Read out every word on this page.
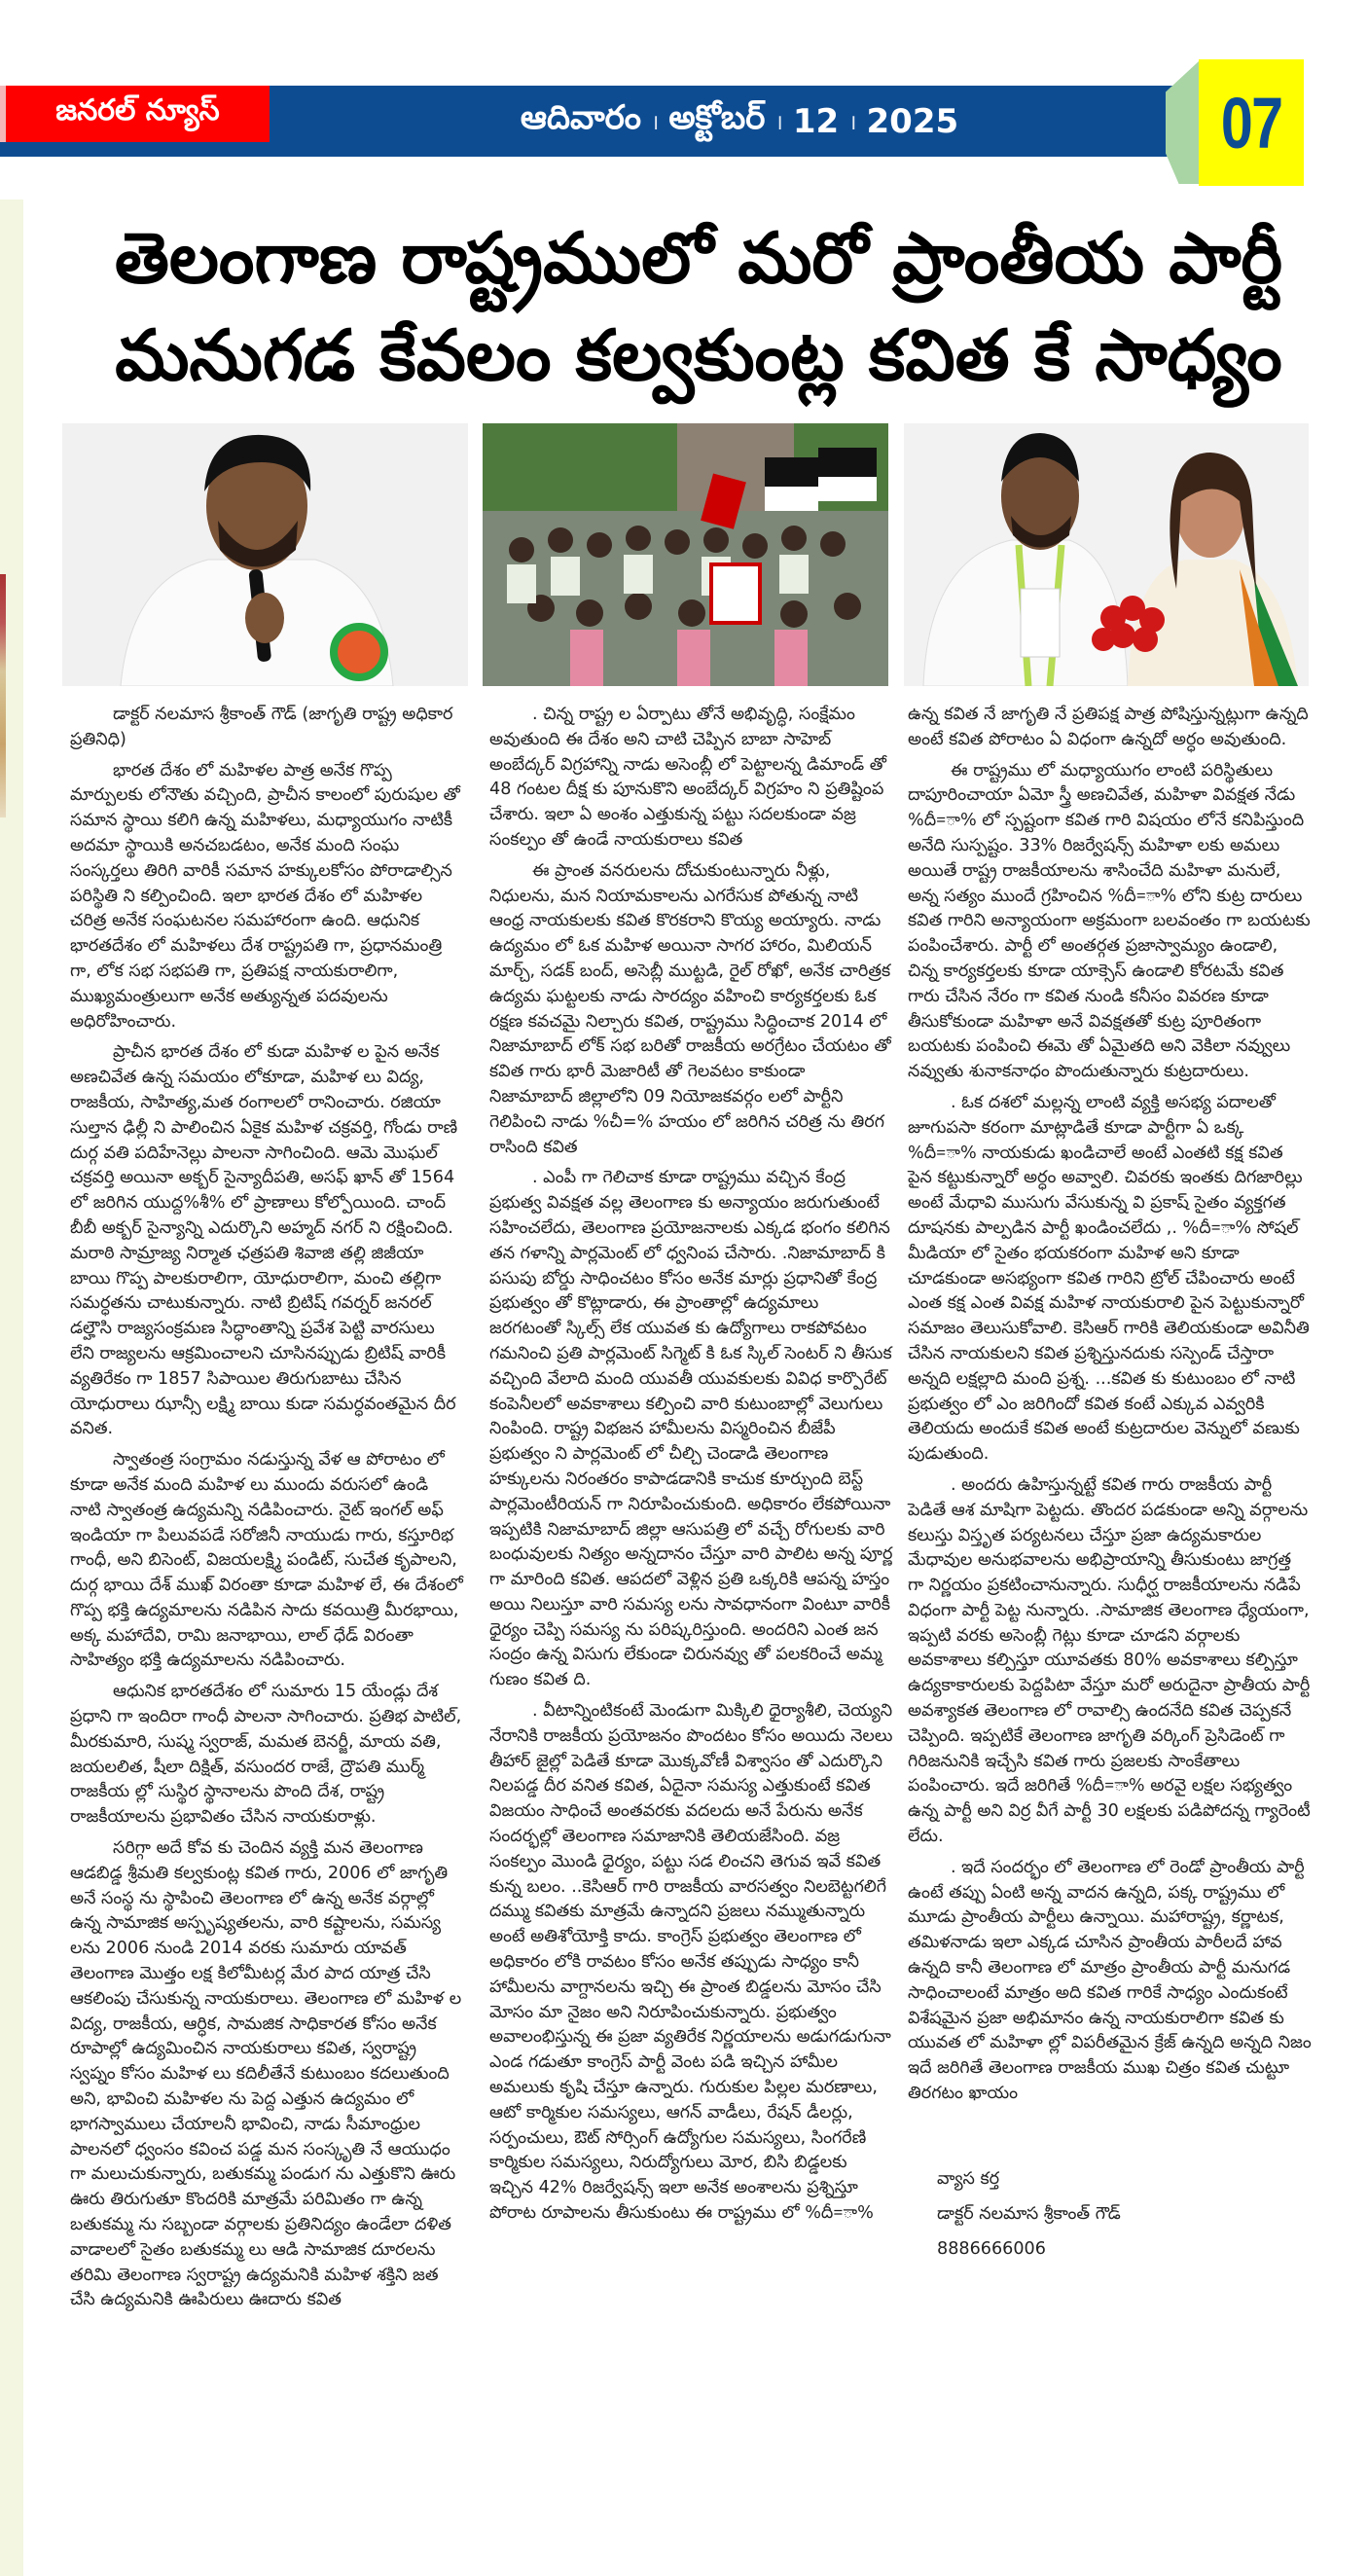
జనరల్ న్యూస్	ఆదివారం । అక్టోబర్ । 12 । 2025	07
తెలంగాణ రాష్ట్రములో మరో ప్రాంతీయ పార్టీ
మనుగడ కేవలం కల్వకుంట్ల కవిత కే సాధ్యం

డాక్టర్ నలమాస శ్రీకాంత్ గౌడ్ (జాగృతి రాష్ట్ర అధికార ప్రతినిధి)

భారత దేశం లో మహిళల పాత్ర అనేక గొప్ప మార్పులకు లోనౌతు వచ్చింది, ప్రాచీన కాలంలో పురుషుల తో సమాన స్థాయి కలిగి ఉన్న మహిళలు, మధ్యాయుగం నాటికీ అదమా స్థాయికి అనచబడటం, అనేక మంది సంఘ సంస్కర్తలు తిరిగి వారికీ సమాన హక్కులకోసం పోరాడాల్సిన పరిస్థితి ని కల్పించింది. ఇలా భారత దేశం లో మహిళల చరిత్ర అనేక సంఘటనల సమహారంగా ఉంది. ఆధునిక భారతదేశం లో మహిళలు దేశ రాష్ట్రపతి గా, ప్రధానమంత్రి గా, లోక సభ సభపతి గా, ప్రతిపక్ష నాయకురాలిగా, ముఖ్యమంత్రులుగా అనేక అత్యున్నత పదవులను అధిరోహించారు.

ప్రాచీన భారత దేశం లో కుడా మహిళ ల పైన అనేక అణచివేత ఉన్న సమయం లోకూడా, మహిళ లు విద్య, రాజకీయ, సాహిత్య,మత రంగాలలో రానించారు. రజియా సుల్తాన ఢిల్లీ ని పాలించిన ఏకైక మహిళ చక్రవర్తి, గోండు రాణి దుర్గ వతి పదిహేనెల్లు పాలనా సాగించింది. ఆమె మొఘల్ చక్రవర్తి అయినా అక్బర్ సైన్యాదీపతి, అసఫ్ ఖాన్ తో 1564 లో జరిగిన యుద్ద%శీ% లో ప్రాణాలు కోల్పోయింది. చాంద్ బీబీ అక్బర్ సైన్యాన్ని ఎదుర్కొని అహ్మద్ నగర్ ని రక్షించింది. మరాఠి సామ్రాజ్య నిర్మాత ఛత్రపతి శివాజి తల్లి జిజీయా బాయి గొప్ప పాలకురాలిగా, యోధురాలిగా, మంచి తల్లిగా సమర్ధతను చాటుకున్నారు. నాటి బ్రిటిష్ గవర్నర్ జనరల్ డల్హౌసి రాజ్యసంక్రమణ సిద్ధాంతాన్ని ప్రవేశ పెట్టి వారసులు లేని రాజ్యలను ఆక్రమించాలని చూసినప్పుడు బ్రిటిష్ వారికీ వ్యతిరేకం గా 1857 సిపాయిల తిరుగుబాటు చేసిన యోధురాలు ఝాన్సీ లక్ష్మి బాయి కుడా సమర్ధవంతమైన దీర వనిత.

స్వాతంత్ర సంగ్రామం నడుస్తున్న వేళ ఆ పోరాటం లో కూడా అనేక మంది మహిళ లు ముందు వరుసలో ఉండి నాటి స్వాతంత్ర ఉద్యమన్ని నడిపించారు. నైట్ ఇంగల్ అఫ్ ఇండియా గా పిలువపడే సరోజినీ నాయుడు గారు, కస్తూరిభ గాంధీ, అని బిసెంట్, విజయలక్ష్మి పండిట్, సుచేత కృపాలని, దుర్గ భాయి దేశ్ ముఖ్ విరంతా కూడా మహిళ లే, ఈ దేశంలో గొప్ప భక్తి ఉద్యమాలను నడిపిన సాదు కవయిత్రి మీరభాయి, అక్క మహాదేవి, రామి జనాభాయి, లాల్ ధేడ్ విరంతా సాహిత్యం భక్తి ఉద్యమాలను నడిపించారు.

ఆధునిక భారతదేశం లో సుమారు 15 యేండ్లు దేశ ప్రధాని గా ఇందిరా గాంధీ పాలనా సాగించారు. ప్రతిభ పాటిల్, మీరకుమారి, సుష్మ స్వరాజ్, మమత బెనర్జీ, మాయ వతి, జయలలిత, షీలా దిక్షిత్, వసుందర రాజే, ద్రౌపతి ముర్మ్ రాజకీయ ల్లో సుస్థిర స్థానాలను పొంది దేశ, రాష్ట్ర రాజకీయాలను ప్రభావితం చేసిన నాయకురాళ్లు.

సరిగ్గా అదే కోవ కు చెందిన వ్యక్తి మన తెలంగాణ ఆడబిడ్డ శ్రీమతి కల్వకుంట్ల కవిత గారు, 2006 లో జాగృతి అనే సంస్థ ను స్థాపించి తెలంగాణ లో ఉన్న అనేక వర్గాల్లో ఉన్న సామాజిక అస్పృష్యతలను, వారి కష్టాలను, సమస్య లను 2006 నుండి 2014 వరకు సుమారు యావత్ తెలంగాణ మొత్తం లక్ష కిలోమీటర్ల మేర పాద యాత్ర చేసి ఆకలింపు చేసుకున్న నాయకురాలు. తెలంగాణ లో మహిళ ల విద్య, రాజకీయ, ఆర్ధిక, సామజిక సాధికారత కోసం అనేక రూపాల్లో ఉద్యమించిన నాయకురాలు కవిత, స్వరాష్ట్ర స్వప్నం కోసం మహిళ లు కదిలీతేనే కుటుంబం కదలుతుంది అని, భావించి మహిళల ను పెద్ద ఎత్తున ఉద్యమం లో భాగస్వాములు చేయాలనీ భావించి, నాడు సీమాంధ్రుల పాలనలో ధ్వంసం కవించ పడ్డ మన సంస్కృతి నే ఆయుధం గా మలుచుకున్నారు, బతుకమ్మ పండుగ ను ఎత్తుకొని ఊరు ఊరు తిరుగుతూ కొందరికి మాత్రమే పరిమితం గా ఉన్న బతుకమ్మ ను సబ్బండా వర్గాలకు ప్రతినిద్యం ఉండేలా దళిత వాడాలలో సైతం బతుకమ్మ లు ఆడి సామాజిక దూరలను తరిమి తెలంగాణ స్వరాష్ట్ర ఉద్యమనికి మహిళ శక్తిని జత చేసి ఉద్యమనికి ఊపిరులు ఊదారు కవిత

. చిన్న రాష్ట్ర ల ఏర్పాటు తోనే అభివృద్ధి, సంక్షేమం అవుతుంది ఈ దేశం అని చాటి చెప్పిన బాబా సాహెబ్ అంబేద్కర్ విగ్రహాన్ని నాడు అసెంబ్లీ లో పెట్టాలన్న డిమాండ్ తో 48 గంటల దీక్ష కు పూనుకొని అంబేద్కర్ విగ్రహం ని ప్రతిష్టింప చేశారు. ఇలా ఏ అంశం ఎత్తుకున్న పట్టు సదలకుండా వజ్ర సంకల్పం తో ఉండే నాయకురాలు కవిత

ఈ ప్రాంత వనరులను దోచుకుంటున్నారు నీళ్లు, నిధులను, మన నియామకాలను ఎగరేసుక పోతున్న నాటి ఆంధ్ర నాయకులకు కవిత కొరకరాని కొయ్య అయ్యారు. నాడు ఉద్యమం లో ఓక మహిళ అయినా సాగర హారం, మిలియన్ మార్చ్, సడక్ బంద్, అసెబ్లీ ముట్టడి, రైల్ రోఖో, అనేక చారిత్రక ఉద్యమ ఘట్టలకు నాడు సారద్యం వహించి కార్యకర్తలకు ఓక రక్షణ కవచమై నిల్చారు కవిత, రాష్ట్రము సిద్ధించాక 2014 లో నిజామాబాద్ లోక్ సభ బరితో రాజకీయ అరగ్రేటం చేయటం తో కవిత గారు భారీ మెజారిటీ తో గెలవటం కాకుండా నిజామాబాద్ జిల్లాలోని 09 నియోజకవర్గం లలో పార్టీని గెలిపించి నాడు %చీ=% హయం లో జరిగిన చరిత్ర ను తిరగ రాసింది కవిత

. ఎంపీ గా గెలిచాక కూడా రాష్ట్రము వచ్చిన కేంద్ర ప్రభుత్వ వివక్షత వల్ల తెలంగాణ కు అన్యాయం జరుగుతుంటే సహించలేదు, తెలంగాణ ప్రయోజనాలకు ఎక్కడ భంగం కలిగిన తన గళాన్ని పార్లమెంట్ లో ధ్వనింప చేసారు. .నిజామాబాద్ కి పసుపు బోర్డు సాధించటం కోసం అనేక మార్లు ప్రధానితో కేంద్ర ప్రభుత్వం తో కొట్లాడారు, ఈ ప్రాంతాల్లో ఉద్యమాలు జరగటంతో స్కిల్స్ లేక యువత కు ఉద్యోగాలు రాకపోవటం గమనించి ప్రతి పార్లమెంట్ సిగ్మెట్ కి ఓక స్కిల్ సెంటర్ ని తీసుక వచ్చింది వేలాది మంది యువతీ యువకులకు వివిధ కార్పొరేట్ కంపెనీలలో అవకాశాలు కల్పించి వారి కుటుంబాల్లో వెలుగులు నింపింది. రాష్ట్ర విభజన హామీలను విస్మరించిన బీజేపీ ప్రభుత్వం ని పార్లమెంట్ లో చీల్చి చెండాడి తెలంగాణ హక్కులను నిరంతరం కాపాడడానికి కాచుక కూర్చుంది బెస్ట్ పార్లమెంటీరియన్ గా నిరూపించుకుంది. అధికారం లేకపోయినా ఇప్పటికి నిజామాబాద్ జిల్లా ఆసుపత్రి లో వచ్చే రోగులకు వారి బంధువులకు నిత్యం అన్నదానం చేస్తూ వారి పాలిట అన్న పూర్ణ గా మారింది కవిత. ఆపదలో వెళ్లిన ప్రతి ఒక్కరికి ఆపన్న హస్తం అయి నిలుస్తూ వారి సమస్య లను సావధానంగా వింటూ వారికీ ధైర్యం చెప్పి సమస్య ను పరిష్కరిస్తుంది. అందరిని ఎంత జన సంద్రం ఉన్న విసుగు లేకుండా చిరునవ్వు తో పలకరించే అమ్మ గుణం కవిత ది.

. వీటాన్నింటికంటే మెండుగా మిక్కిలి ధైర్యాశీలి, చెయ్యని నేరానికి రాజకీయ ప్రయోజనం పొందటం కోసం అయిదు నెలలు తీహార్ జైల్లో పెడితే కూడా మొక్కవోణీ విశ్వాసం తో ఎదుర్కొని నిలపడ్డ దీర వనిత కవిత, ఏదైనా సమస్య ఎత్తుకుంటే కవిత విజయం సాధించే అంతవరకు వదలదు అనే పేరును అనేక సందర్భల్లో తెలంగాణ సమాజానికి తెలియజేసింది. వజ్ర సంకల్పం మొండి ధైర్యం, పట్టు సడ లించని తెగువ ఇవే కవిత కున్న బలం. ..కెసిఆర్ గారి రాజకీయ వారసత్వం నిలబెట్టగలిగే దమ్ము కవితకు మాత్రమే ఉన్నాదని ప్రజలు నమ్ముతున్నారు అంటే అతిశోయోక్తి కాదు. కాంగ్రెస్ ప్రభుత్వం తెలంగాణ లో అధికారం లోకి రావటం కోసం అనేక తప్పుడు సాధ్యం కానీ హామీలను వాగ్దానలను ఇచ్చి ఈ ప్రాంత బిడ్డలను మోసం చేసి మోసం మా నైజం అని నిరూపించుకున్నారు. ప్రభుత్వం అవాలంభిస్తున్న ఈ ప్రజా వ్యతిరేక నిర్ణయాలను అడుగడుగునా ఎండ గడుతూ కాంగ్రెస్ పార్టీ వెంట పడి ఇచ్చిన హామీల అమలుకు కృషి చేస్తూ ఉన్నారు. గురుకుల పిల్లల మరణాలు, ఆటో కార్మికుల సమస్యలు, ఆగన్ వాడీలు, రేషన్ డీలర్లు, సర్పంచులు, ఔట్ సోర్సింగ్ ఉద్యోగుల సమస్యలు, సింగరేణి కార్మికుల సమస్యలు, నిరుద్యోగులు మోర, బిసి బిడ్డలకు ఇచ్చిన 42% రిజర్వేషన్స్ ఇలా అనేక అంశాలను ప్రశ్నిస్తూ పోరాట రూపాలను తీసుకుంటు ఈ రాష్ట్రము లో %దీ=ా%

ఉన్న కవిత నే జాగృతి నే ప్రతిపక్ష పాత్ర పోషిస్తున్నట్లుగా ఉన్నది అంటే కవిత పోరాటం ఏ విధంగా ఉన్నదో అర్ధం అవుతుంది.

ఈ రాష్ట్రము లో మధ్యాయుగం లాంటి పరిస్థితులు దాపూరించాయా ఏమో స్త్రీ అణచివేత, మహిళా వివక్షత నేడు %దీ=ా% లో స్పష్టంగా కవిత గారి విషయం లోనే కనిపిస్తుంది అనేది సుస్పష్టం. 33% రిజర్వేషన్స్ మహిళా లకు అమలు అయితే రాష్ట్ర రాజకీయాలను శాసించేది మహిళా మనులే, అన్న సత్యం ముందే గ్రహించిన %దీ=ా% లోని కుట్ర దారులు కవిత గారిని అన్యాయంగా అక్రమంగా బలవంతం గా బయటకు పంపించేశారు. పార్టీ లో అంతర్గత ప్రజాస్వామ్యం ఉండాలి, చిన్న కార్యకర్తలకు కూడా యాక్సెస్ ఉండాలి కోరటమే కవిత గారు చేసిన నేరం గా కవిత నుండి కనీసం వివరణ కూడా తీసుకోకుండా మహిళా అనే వివక్షతతో కుట్ర పూరితంగా బయటకు పంపించి ఈమె తో ఏమైతది అని వెకిలా నవ్వులు నవ్వుతు శునాకనాధం పొందుతున్నారు కుట్రదారులు.

. ఓక దశలో మల్లన్న లాంటి వ్యక్తి అసభ్య పదాలతో జూగుపసా కరంగా మాట్లాడితే కూడా పార్టీగా ఏ ఒక్క %దీ=ా% నాయకుడు ఖండిచాలే అంటే ఎంతటి కక్ష కవిత పైన కట్టుకున్నారో అర్ధం అవ్వాలి. చివరకు ఇంతకు దిగజారిల్లు అంటే మేధావి ముసుగు వేసుకున్న వి ప్రకాష్ సైతం వ్యక్తగత దూషనకు పాల్పడిన పార్టీ ఖండించలేదు ,. %దీ=ా% సోషల్ మీడియా లో సైతం భయకరంగా మహిళ అని కూడా చూడకుండా అసభ్యంగా కవిత గారిని ట్రోల్ చేపించారు అంటే ఎంత కక్ష ఎంత వివక్ష మహిళ నాయకురాలి పైన పెట్టుకున్నారో సమాజం తెలుసుకోవాలి. కెసిఆర్ గారికి తెలియకుండా అవినీతి చేసిన నాయకులని కవిత ప్రశ్నిస్తునదుకు సస్పెండ్ చేస్తారా అన్నది లక్షల్లాది మంది ప్రశ్న. ...కవిత కు కుటుంబం లో నాటి ప్రభుత్వం లో ఎం జరిగిందో కవిత కంటే ఎక్కువ ఎవ్వరికి తెలియదు అందుకే కవిత అంటే కుట్రదారుల వెన్నులో వణుకు పుడుతుంది.

. అందరు ఉహిస్తున్నట్టే కవిత గారు రాజకీయ పార్టీ పెడితే ఆశ మాషిగా పెట్టదు. తొందర పడకుండా అన్ని వర్గాలను కలుస్తు విస్తృత పర్యటనలు చేస్తూ ప్రజా ఉద్యమకారుల మేధావుల అనుభవాలను అభిప్రాయాన్ని తీసుకుంటు జాగ్రత్త గా నిర్ణయం ప్రకటించానున్నారు. సుధీర్ఘ రాజకీయాలను నడిపే విధంగా పార్టీ పెట్ట నున్నారు. .సామాజిక తెలంగాణ ధ్యేయంగా, ఇప్పటి వరకు అసెంబ్లీ గెట్లు కూడా చూడని వర్గాలకు అవకాశాలు కల్పిస్తూ యూవతకు 80% అవకాశాలు కల్పిస్తూ ఉద్యకాకారులకు పెద్దపిటా వేస్తూ మరో అరుదైనా ప్రాతీయ పార్టీ అవశ్యాకత తెలంగాణ లో రావాల్సి ఉందనేది కవిత చెప్పకనే చెప్పింది. ఇప్పటికే తెలంగాణ జాగృతి వర్కింగ్ ప్రెసిడెంట్ గా గిరిజనునికి ఇచ్చేసి కవిత గారు ప్రజలకు సాంకేతాలు పంపించారు. ఇదే జరిగితే %దీ=ా% అరవై లక్షల సభ్యత్వం ఉన్న పార్టీ అని విర్ర వీగే పార్టీ 30 లక్షలకు పడిపోదన్న గ్యారెంటీ లేదు.

. ఇదే సందర్భం లో తెలంగాణ లో రెండో ప్రాంతీయ పార్టీ ఉంటే తప్పు ఏంటి అన్న వాదన ఉన్నది, పక్క రాష్ట్రము లో మూడు ప్రాంతీయ పార్టీలు ఉన్నాయి. మహారాష్ట్ర, కర్ణాటక, తమిళనాడు ఇలా ఎక్కడ చూసిన ప్రాంతీయ పారీలదే హావ ఉన్నది కానీ తెలంగాణ లో మాత్రం ప్రాంతీయ పార్టీ మనుగడ సాధించాలంటే మాత్రం అది కవిత గారికే సాధ్యం ఎందుకంటే విశేషమైన ప్రజా అభిమానం ఉన్న నాయకురాలిగా కవిత కు యువత లో మహిళా ల్లో విపరీతమైన క్రేజ్ ఉన్నది అన్నది నిజం ఇదే జరిగితే తెలంగాణ రాజకీయ ముఖ చిత్రం కవిత చుట్టూ తిరగటం ఖాయం

వ్యాస కర్త
డాక్టర్ నలమాస శ్రీకాంత్ గౌడ్
8886666006
